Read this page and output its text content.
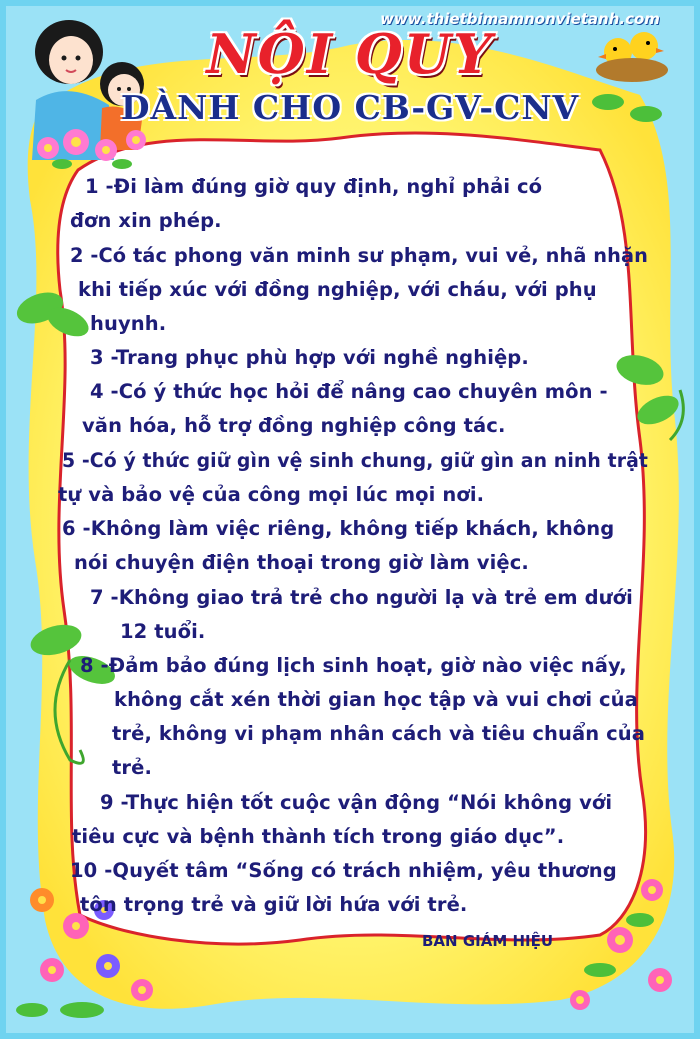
www.thietbimamnonvietanh.com
NỘI QUY
DÀNH CHO CB-GV-CNV
1 -Đi làm đúng giờ quy định, nghỉ phải có
đơn xin phép.
2 -Có tác phong văn minh sư phạm, vui vẻ, nhã nhặn
khi tiếp xúc với đồng nghiệp, với cháu, với phụ
huynh.
3 -Trang phục phù hợp với nghề nghiệp.
4 -Có ý thức học hỏi để nâng cao chuyên môn -
văn hóa, hỗ trợ đồng nghiệp công tác.
5 -Có ý thức giữ gìn vệ sinh chung, giữ gìn an ninh trật
tự và bảo vệ của công mọi lúc mọi nơi.
6 -Không làm việc riêng, không tiếp khách, không
nói chuyện điện thoại trong giờ làm việc.
7 -Không giao trả trẻ cho người lạ và trẻ em dưới
12 tuổi.
8 -Đảm bảo đúng lịch sinh hoạt, giờ nào việc nấy,
không cắt xén thời gian học tập và vui chơi của
trẻ, không vi phạm nhân cách và tiêu chuẩn của
trẻ.
9 -Thực hiện tốt cuộc vận động “Nói không với
tiêu cực và bệnh thành tích trong giáo dục”.
10 -Quyết tâm “Sống có trách nhiệm, yêu thương
tôn trọng trẻ và giữ lời hứa với trẻ.
BAN GIÁM HIỆU
